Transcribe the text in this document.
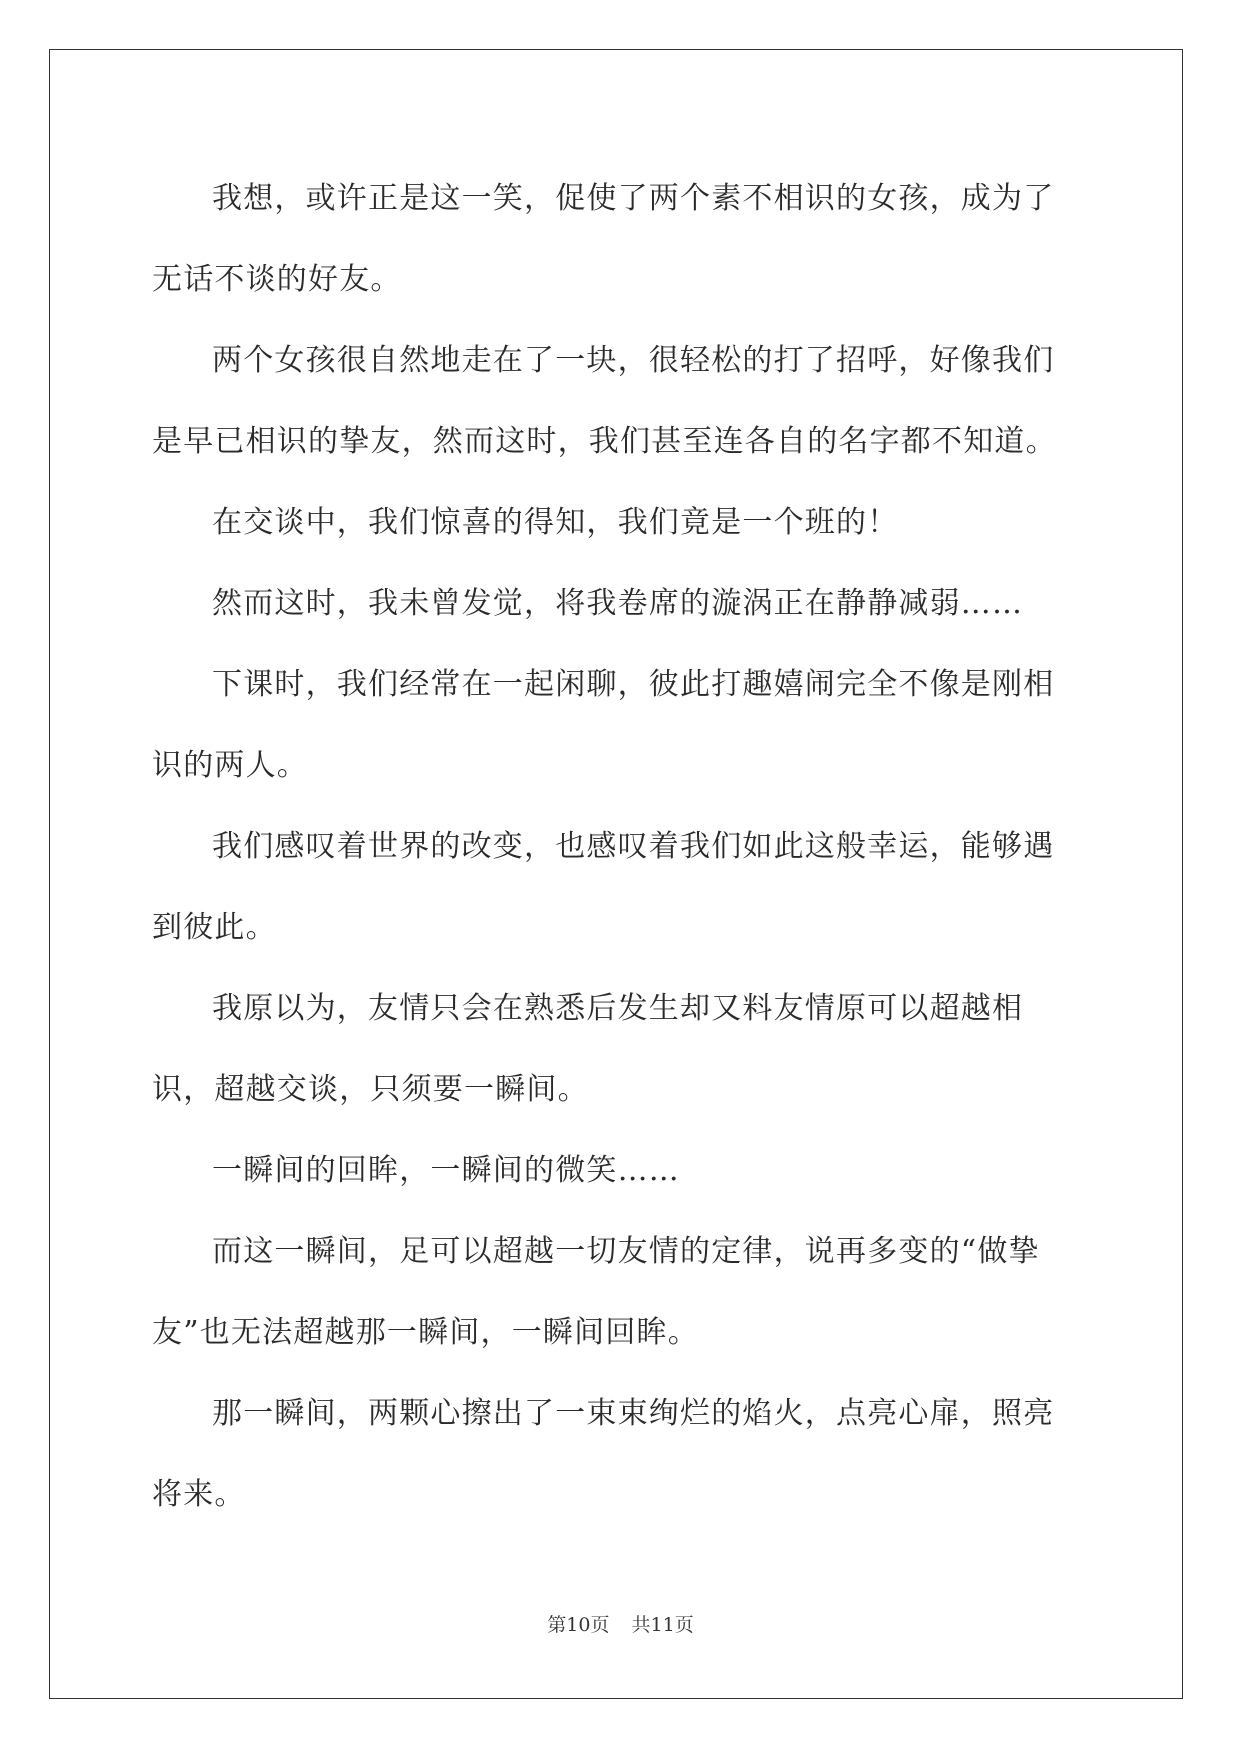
我想，或许正是这一笑，促使了两个素不相识的女孩，成为了无话不谈的好友。

两个女孩很自然地走在了一块，很轻松的打了招呼，好像我们是早已相识的挚友，然而这时，我们甚至连各自的名字都不知道。

在交谈中，我们惊喜的得知，我们竟是一个班的！

然而这时，我未曾发觉，将我卷席的漩涡正在静静减弱……

下课时，我们经常在一起闲聊，彼此打趣嬉闹完全不像是刚相识的两人。

我们感叹着世界的改变，也感叹着我们如此这般幸运，能够遇到彼此。

我原以为，友情只会在熟悉后发生却又料友情原可以超越相识，超越交谈，只须要一瞬间。

一瞬间的回眸，一瞬间的微笑……

而这一瞬间，足可以超越一切友情的定律，说再多变的“做挚友”也无法超越那一瞬间，一瞬间回眸。

那一瞬间，两颗心擦出了一束束绚烂的焰火，点亮心扉，照亮将来。

第10页 共11页
